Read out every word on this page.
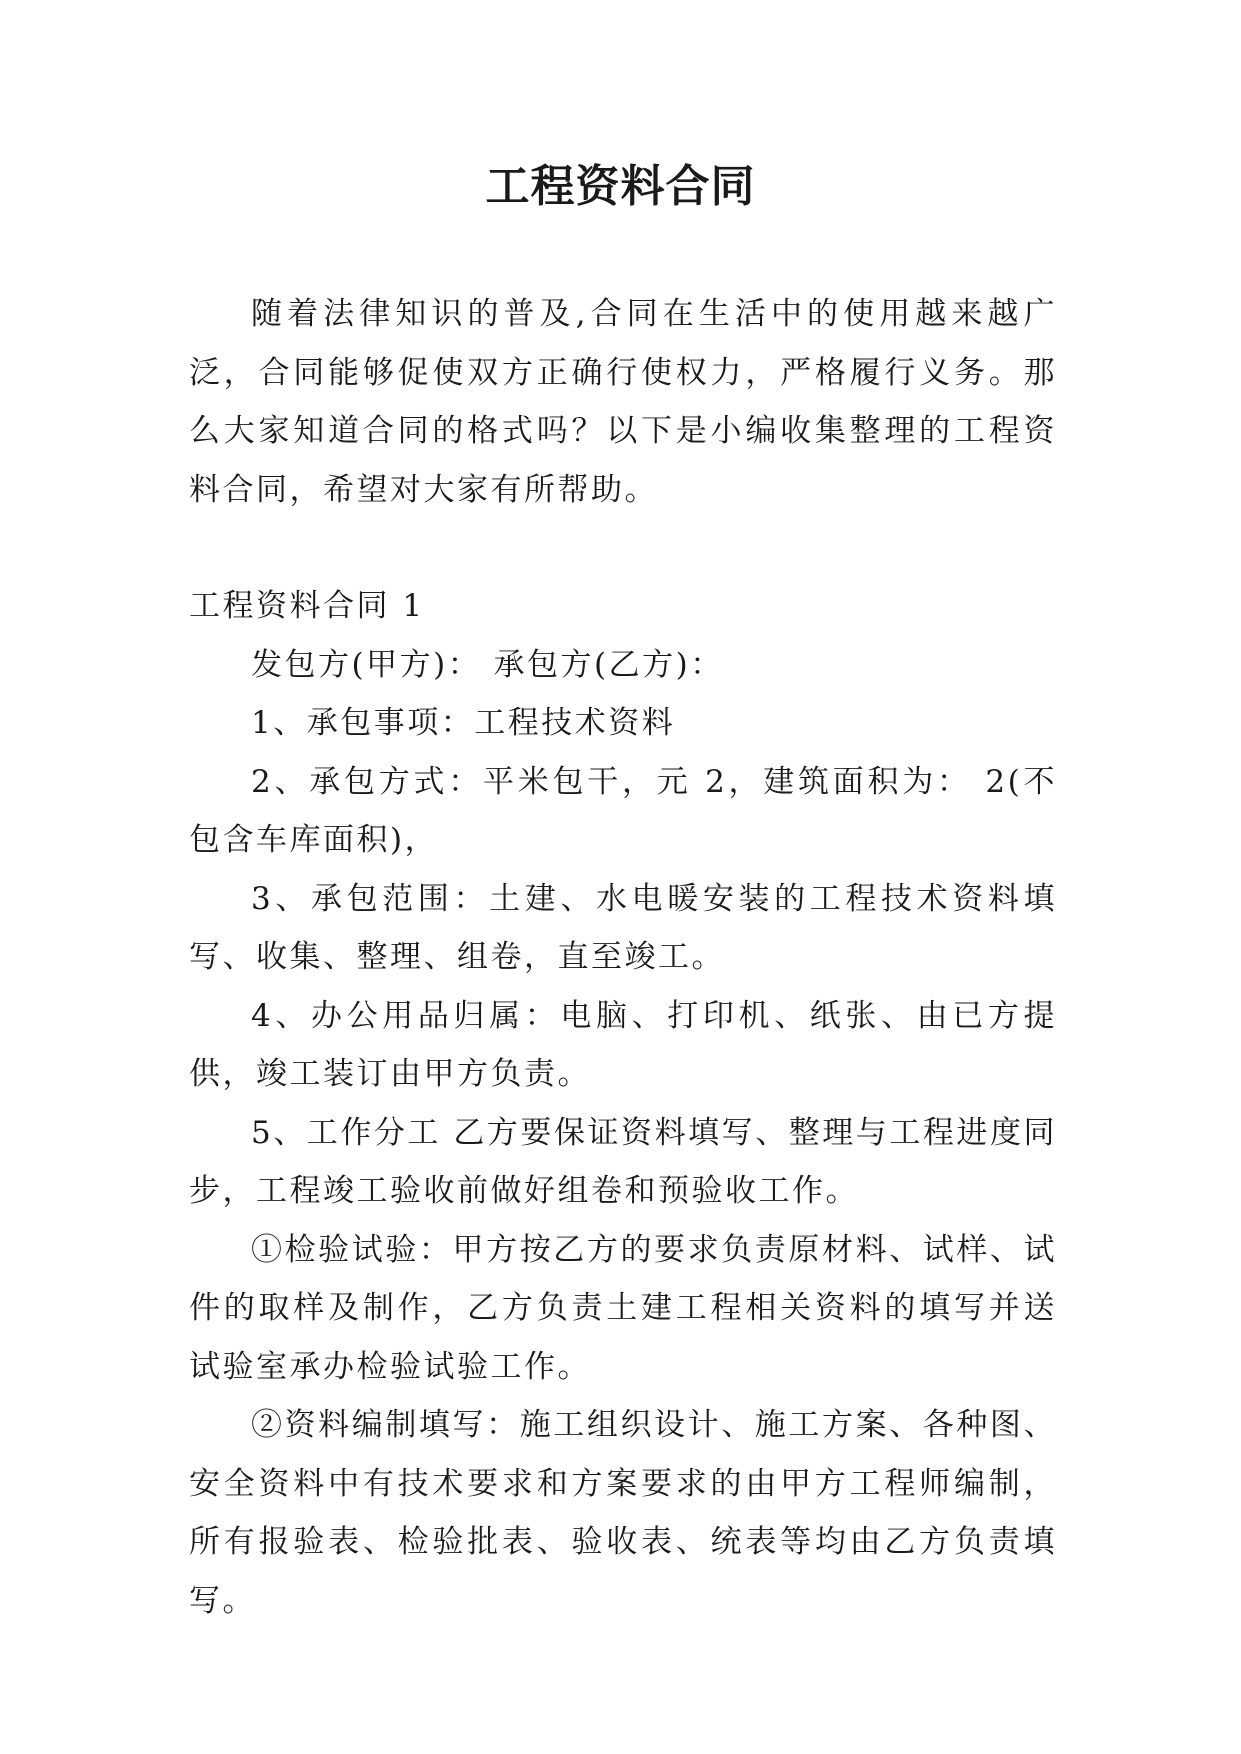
工程资料合同

随着法律知识的普及,合同在生活中的使用越来越广泛，合同能够促使双方正确行使权力，严格履行义务。那么大家知道合同的格式吗？以下是小编收集整理的工程资料合同，希望对大家有所帮助。

工程资料合同 1

发包方(甲方)： 承包方(乙方)：

1、承包事项：工程技术资料

2、承包方式：平米包干，元 2，建筑面积为： 2(不包含车库面积)，

3、承包范围：土建、水电暖安装的工程技术资料填写、收集、整理、组卷，直至竣工。

4、办公用品归属：电脑、打印机、纸张、由已方提供，竣工装订由甲方负责。

5、工作分工 乙方要保证资料填写、整理与工程进度同步，工程竣工验收前做好组卷和预验收工作。

①检验试验：甲方按乙方的要求负责原材料、试样、试件的取样及制作，乙方负责土建工程相关资料的填写并送试验室承办检验试验工作。

②资料编制填写：施工组织设计、施工方案、各种图、安全资料中有技术要求和方案要求的由甲方工程师编制，所有报验表、检验批表、验收表、统表等均由乙方负责填写。
